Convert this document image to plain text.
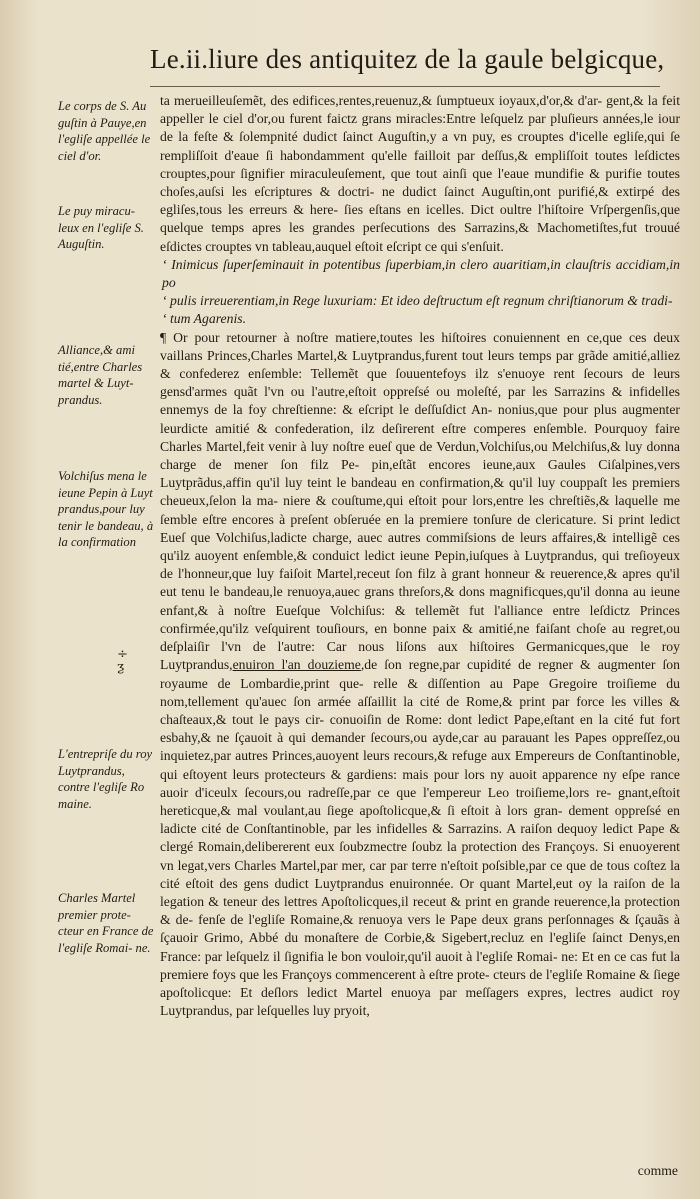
Le.ii.liure des antiquitez de la gaule belgicque,
Le corps de S. Au guſtin à Pauye,en l'egliſe appellée le ciel d'or.
Le puy miracu- leux en l'egliſe S. Auguſtin.
Alliance,& ami tié,entre Charles martel & Luyt- prandus.
Volchiſus mena le ieune Pepin à Luyt prandus,pour luy tenir le bandeau, à la confirmation
÷
ƺ
L'entrepriſe du roy Luytprandus, contre l'egliſe Ro maine.
Charles Martel premier prote- cteur en France de l'egliſe Romai- ne.

ta merueilleuſemẽt, des edifices,rentes,reuenuz,& ſumptueux ioyaux,d'or,& d'ar- gent,& la feit appeller le ciel d'or,ou furent faictz grans miracles:Entre leſquelz par pluſieurs années,le iour de la feſte & ſolempnité dudict ſainct Auguſtin,y a vn puy, es crouptes d'icelle egliſe,qui ſe rempliſſoit d'eaue ſi habondamment qu'elle failloit par deſſus,& empliſſoit toutes leſdictes crouptes,pour ſignifier miraculeuſement, que tout ainſi que l'eaue mundifie & purifie toutes choſes,auſsi les eſcriptures & doctri- ne dudict ſainct Auguſtin,ont purifié,& extirpé des egliſes,tous les erreurs & here- ſies eſtans en icelles. Dict oultre l'hiſtoire Vrſpergenſis,que quelque temps apres les grandes perſecutions des Sarrazins,& Machometiſtes,fut trouué eſdictes crouptes vn tableau,auquel eſtoit eſcript ce qui s'enſuit.

‘ Inimicus ſuperſeminauit in potentibus ſuperbiam,in clero auaritiam,in clauſtris accidiam,in po

‘ pulis irreuerentiam,in Rege luxuriam: Et ideo deſtructum eſt regnum chriſtianorum & tradi-

‘ tum Agarenis.

¶ Or pour retourner à noſtre matiere,toutes les hiſtoires conuiennent en ce,que ces deux vaillans Princes,Charles Martel,& Luytprandus,furent tout leurs temps par grãde amitié,alliez & confederez enſemble: Tellemẽt que ſouuentefoys ilz s'enuoye rent ſecours de leurs gensd'armes quãt l'vn ou l'autre,eſtoit oppreſsé ou moleſté, par les Sarrazins & infidelles ennemys de la foy chreſtienne: & eſcript le deſſuſdict An- nonius,que pour plus augmenter leurdicte amitié & confederation, ilz deſirerent eſtre comperes enſemble. Pourquoy faire Charles Martel,feit venir à luy noſtre eueſ que de Verdun,Volchiſus,ou Melchiſus,& luy donna charge de mener ſon filz Pe- pin,eſtãt encores ieune,aux Gaules Ciſalpines,vers Luytprãdus,affin qu'il luy teint le bandeau en confirmation,& qu'il luy couppaſt les premiers cheueux,ſelon la ma- niere & couſtume,qui eſtoit pour lors,entre les chreſtiẽs,& laquelle me ſemble eſtre encores à preſent obſeruée en la premiere tonſure de clericature. Si print ledict Eueſ que Volchiſus,ladicte charge, auec autres commiſsions de leurs affaires,& intelligẽ ces qu'ilz auoyent enſemble,& conduict ledict ieune Pepin,iuſques à Luytprandus, qui treſioyeux de l'honneur,que luy faiſoit Martel,receut ſon filz à grant honneur & reuerence,& apres qu'il eut tenu le bandeau,le renuoya,auec grans threſors,& dons magnificques,qu'il donna au ieune enfant,& à noſtre Eueſque Volchiſus: & tellemẽt fut l'alliance entre leſdictz Princes confirmée,qu'ilz veſquirent touſiours, en bonne paix & amitié,ne faiſant choſe au regret,ou deſplaiſir l'vn de l'autre: Car nous liſons aux hiſtoires Germanicques,que le roy Luytprandus,enuiron l'an douzieme,de ſon regne,par cupidité de regner & augmenter ſon royaume de Lombardie,print que- relle & diſſention au Pape Gregoire troiſieme du nom,tellement qu'auec ſon armée aſſaillit la cité de Rome,& print par force les villes & chaſteaux,& tout le pays cir- conuoiſin de Rome: dont ledict Pape,eſtant en la cité fut fort esbahy,& ne ſçauoit à qui demander ſecours,ou ayde,car au parauant les Papes oppreſſez,ou inquietez,par autres Princes,auoyent leurs recours,& refuge aux Empereurs de Conſtantinoble, qui eſtoyent leurs protecteurs & gardiens: mais pour lors ny auoit apparence ny eſpe rance auoir d'iceulx ſecours,ou radreſſe,par ce que l'empereur Leo troiſieme,lors re- gnant,eſtoit hereticque,& mal voulant,au ſiege apoſtolicque,& ſi eſtoit à lors gran- dement oppreſsé en ladicte cité de Conſtantinoble, par les infidelles & Sarrazins. A raiſon dequoy ledict Pape & clergé Romain,delibererent eux ſoubzmectre ſoubz la protection des Françoys. Si enuoyerent vn legat,vers Charles Martel,par mer, car par terre n'eſtoit poſsible,par ce que de tous coſtez la cité eſtoit des gens dudict Luytprandus enuironnée. Or quant Martel,eut oy la raiſon de la legation & teneur des lettres Apoſtolicques,il receut & print en grande reuerence,la protection & de- fenſe de l'egliſe Romaine,& renuoya vers le Pape deux grans perſonnages & ſçauãs à ſçauoir Grimo, Abbé du monaſtere de Corbie,& Sigebert,recluz en l'egliſe ſainct Denys,en France: par leſquelz il ſignifia le bon vouloir,qu'il auoit à l'egliſe Romai- ne: Et en ce cas fut la premiere foys que les Françoys commencerent à eſtre prote- cteurs de l'egliſe Romaine & ſiege apoſtolicque: Et deſlors ledict Martel enuoya par meſſagers expres, lectres audict roy Luytprandus, par leſquelles luy pryoit,

comme
